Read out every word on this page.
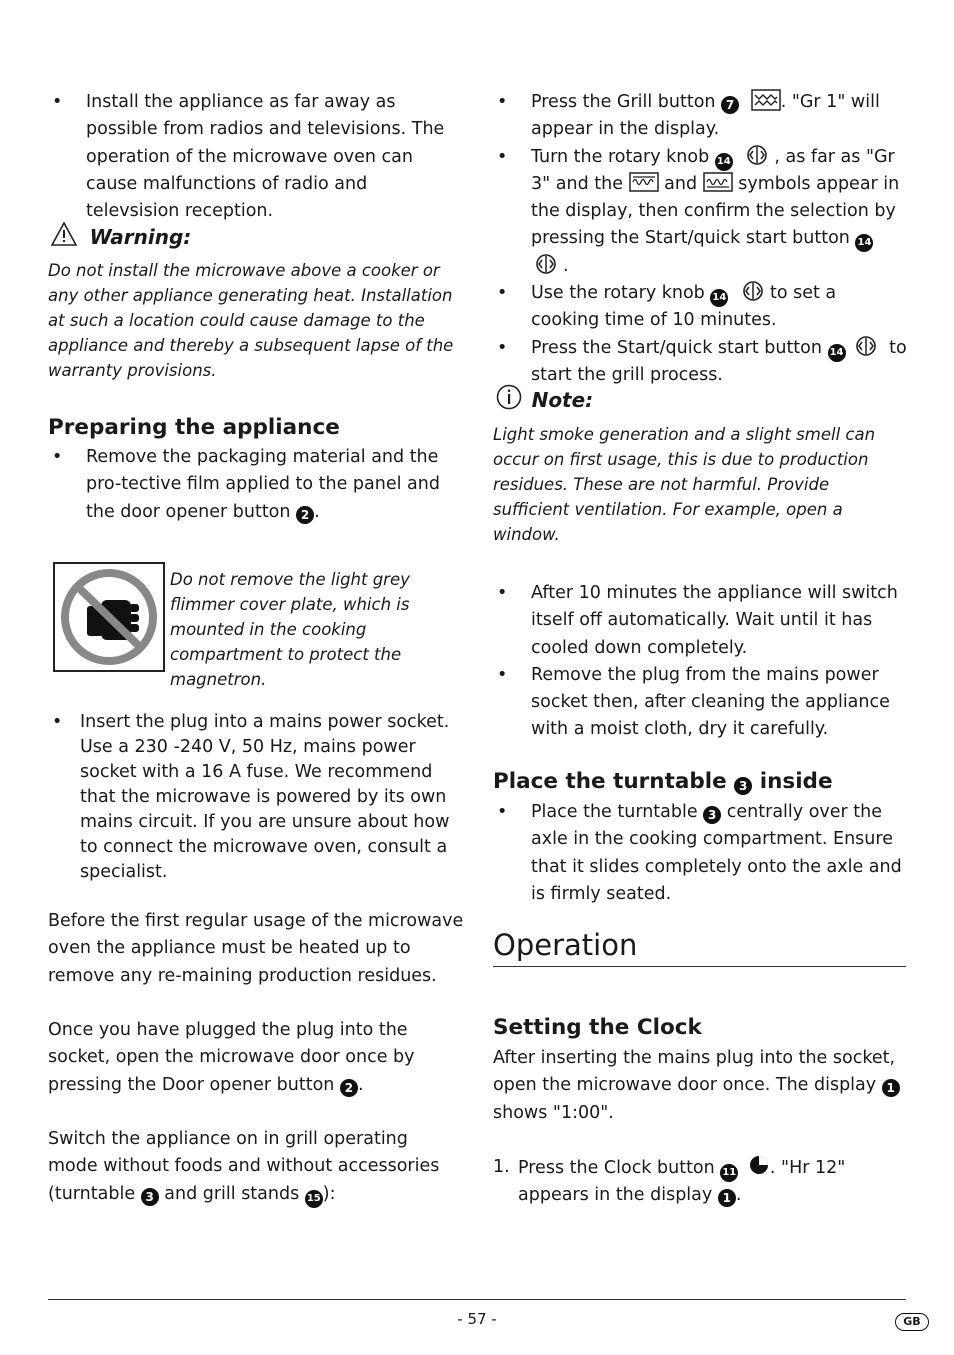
• Install the appliance as far away as possible from radios and televisions. The operation of the microwave oven can cause malfunctions of radio and televsision reception.

Warning:

Do not install the microwave above a cooker or any other appliance generating heat. Installation at such a location could cause damage to the appliance and thereby a subsequent lapse of the warranty provisions.

Preparing the appliance

• Remove the packaging material and the pro-tective film applied to the panel and the door opener button 2 .

Do not remove the light grey flimmer cover plate, which is mounted in the cooking compartment to protect the magnetron.

• Insert the plug into a mains power socket. Use a 230 -240 V, 50 Hz, mains power socket with a 16 A fuse. We recommend that the microwave is powered by its own mains circuit. If you are unsure about how to connect the microwave oven, consult a specialist.

Before the first regular usage of the microwave oven the appliance must be heated up to remove any re-maining production residues.

Once you have plugged the plug into the socket, open the microwave door once by pressing the Door opener button 2 .

Switch the appliance on in grill operating mode without foods and without accessories (turntable 3 and grill stands 15 ):

• Press the Grill button 7	. "Gr 1" will appear in the display.

• Turn the rotary knob 14 , as far as "Gr 3" and the and symbols appear in the display, then confirm the selection by pressing the Start/quick start button 14 .

• Use the rotary knob 14 to set a cooking time of 10 minutes.

• Press the Start/quick start button 14	to start the grill process.

Note:

Light smoke generation and a slight smell can occur on first usage, this is due to production residues. These are not harmful. Provide sufficient ventilation. For example, open a window.

• After 10 minutes the appliance will switch itself off automatically. Wait until it has cooled down completely.

• Remove the plug from the mains power socket then, after cleaning the appliance with a moist cloth, dry it carefully.

Place the turntable 3 inside

• Place the turntable 3 centrally over the axle in the cooking compartment. Ensure that it slides completely onto the axle and is firmly seated.

Operation
Setting the Clock

After inserting the mains plug into the socket, open the microwave door once. The display 1 shows "1:00".

1. Press the Clock button 11 . "Hr 12" appears in the display 1 .

- 57 -	GB
